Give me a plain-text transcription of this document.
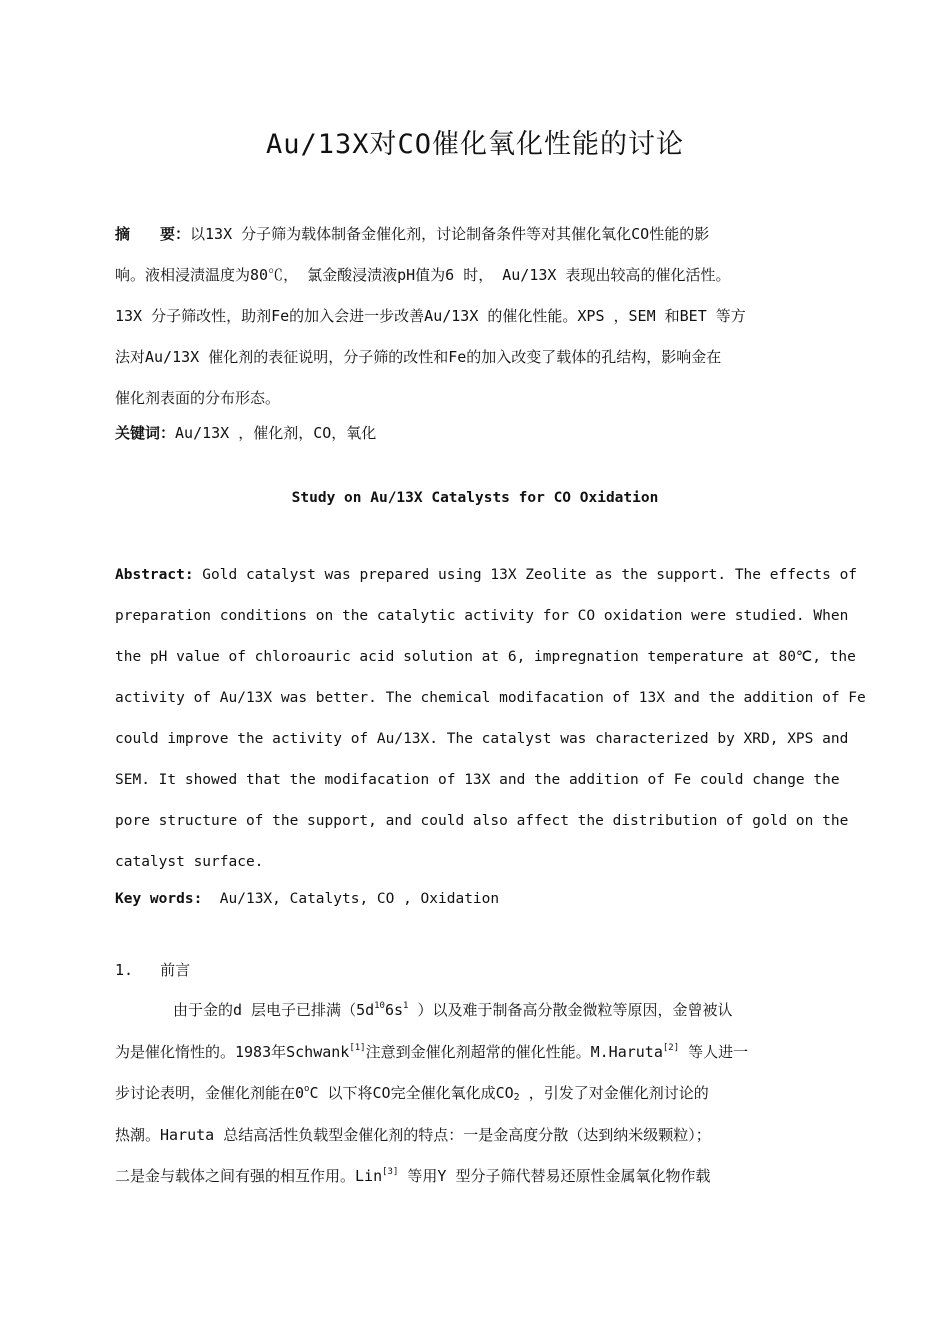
Au/13X对CO催化氧化性能的讨论

摘　　要：以13X 分子筛为载体制备金催化剂，讨论制备条件等对其催化氧化CO性能的影

响。液相浸渍温度为80℃， 氯金酸浸渍液pH值为6 时， Au/13X 表现出较高的催化活性。

13X 分子筛改性，助剂Fe的加入会进一步改善Au/13X 的催化性能。XPS ，SEM 和BET 等方

法对Au/13X 催化剂的表征说明，分子筛的改性和Fe的加入改变了载体的孔结构，影响金在

催化剂表面的分布形态。

关键词：Au/13X ，催化剂，CO，氧化

Study on Au/13X Catalysts for CO Oxidation

Abstract: Gold catalyst was prepared using 13X Zeolite as the support. The effects of

preparation conditions on the catalytic activity for CO oxidation were studied. When

the pH value of chloroauric acid solution at 6, impregnation temperature at 80℃, the

activity of Au/13X was better. The chemical modifacation of 13X and the addition of Fe

could improve the activity of Au/13X. The catalyst was characterized by XRD, XPS and

SEM. It showed that the modifacation of 13X and the addition of Fe could change the

pore structure of the support, and could also affect the distribution of gold on the

catalyst surface.

Key words:  Au/13X, Catalyts, CO , Oxidation
1. 前言

由于金的d 层电子已排满（$5d^{10}6s^1$ ）以及难于制备高分散金微粒等原因，金曾被认

为是催化惰性的。1983年Schwank[1]注意到金催化剂超常的催化性能。M.Haruta[2] 等人进一

步讨论表明，金催化剂能在0$^o$C 以下将CO完全催化氧化成$CO_2$ ，引发了对金催化剂讨论的

热潮。Haruta 总结高活性负载型金催化剂的特点：一是金高度分散（达到纳米级颗粒）；

二是金与载体之间有强的相互作用。Lin[3] 等用Y 型分子筛代替易还原性金属氧化物作载
